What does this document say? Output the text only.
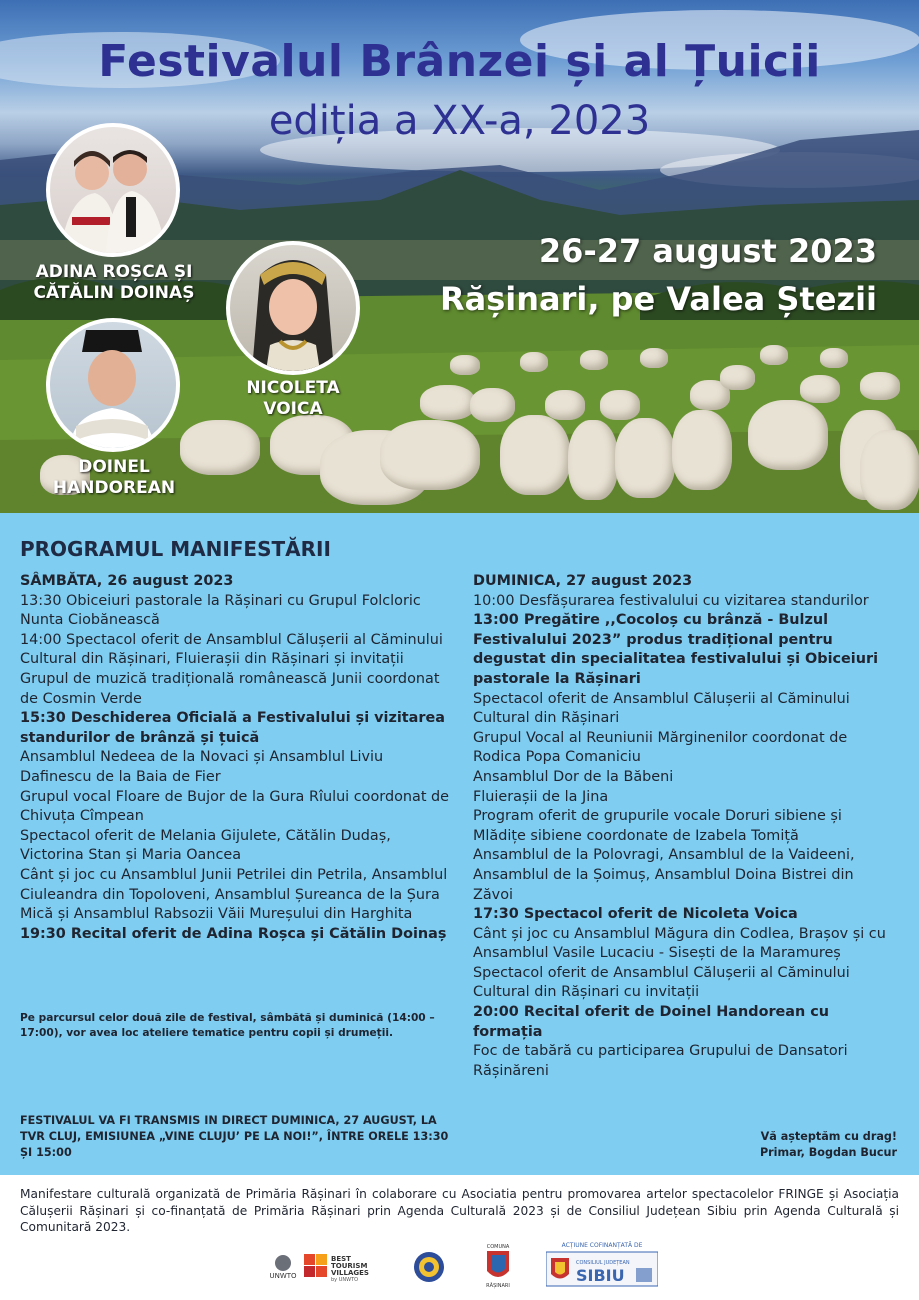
Festivalul Brânzei și al Țuicii
ediția a XX-a, 2023
26-27 august 2023
Rășinari, pe Valea Ștezii
ADINA ROȘCA ȘI
CĂTĂLIN DOINAȘ
NICOLETA
VOICA
DOINEL
HANDOREAN
PROGRAMUL MANIFESTĂRII

SÂMBĂTA, 26 august 2023

13:30 Obiceiuri pastorale la Rășinari cu Grupul Folcloric Nunta Ciobănească

14:00 Spectacol oferit de Ansamblul Călușerii al Căminului Cultural din Rășinari, Fluierașii din Rășinari și invitații

Grupul de muzică tradițională românească Junii coordonat de Cosmin Verde

15:30 Deschiderea Oficială a Festivalului și vizitarea standurilor de brânză și țuică

Ansamblul Nedeea de la Novaci și Ansamblul Liviu Dafinescu de la Baia de Fier

Grupul vocal Floare de Bujor de la Gura Rîului coordonat de Chivuța Cîmpean

Spectacol oferit de Melania Gijulete, Cătălin Dudaș, Victorina Stan și Maria Oancea

Cânt și joc cu Ansamblul Junii Petrilei din Petrila, Ansamblul Ciuleandra din Topoloveni, Ansamblul Șureanca de la Șura Mică și Ansamblul Rabsozii Văii Mureșului din Harghita

19:30 Recital oferit de Adina Roșca și Cătălin Doinaș

DUMINICA, 27 august 2023

10:00 Desfășurarea festivalului cu vizitarea standurilor

13:00 Pregătire ,,Cocoloș cu brânză - Bulzul Festivalului 2023” produs tradițional pentru degustat din specialitatea festivalului și Obiceiuri pastorale la Rășinari

Spectacol oferit de Ansamblul Călușerii al Căminului Cultural din Rășinari

Grupul Vocal al Reuniunii Mărginenilor coordonat de Rodica Popa Comaniciu

Ansamblul Dor de la Băbeni

Fluierașii de la Jina

Program oferit de grupurile vocale Doruri sibiene și Mlădițe sibiene coordonate de Izabela Tomiță

Ansamblul de la Polovragi, Ansamblul de la Vaideeni, Ansamblul de la Șoimuș, Ansamblul Doina Bistrei din Zăvoi

17:30 Spectacol oferit de Nicoleta Voica

Cânt și joc cu Ansamblul Măgura din Codlea, Brașov și cu Ansamblul Vasile Lucaciu - Sisești de la Maramureș

Spectacol oferit de Ansamblul Călușerii al Căminului Cultural din Rășinari cu invitații

20:00 Recital oferit de Doinel Handorean cu formația

Foc de tabără cu participarea Grupului de Dansatori Rășinăreni

Pe parcursul celor două zile de festival, sâmbătă și duminică (14:00 – 17:00), vor avea loc ateliere tematice pentru copii și drumeții.
FESTIVALUL VA FI TRANSMIS IN DIRECT DUMINICA, 27 AUGUST, LA TVR CLUJ, EMISIUNEA „VINE CLUJU’ PE LA NOI!”, ÎNTRE ORELE 13:30 ȘI 15:00
Vă așteptăm cu drag!
Primar, Bogdan Bucur
Manifestare culturală organizată de Primăria Rășinari în colaborare cu Asociatia pentru promovarea artelor spectacolelor FRINGE și Asociația Călușerii Rășinari și co-finanțată de Primăria Rășinari prin Agenda Culturală 2023 și de Consiliul Județean Sibiu prin Agenda Culturală și Comunitară 2023.
UNWTO
BEST
TOURISM
VILLAGES
by UNWTO
COMUNA
RĂȘINARI
ACȚIUNE COFINANȚATĂ DE
CONSILIUL JUDEȚEAN
SIBIU
